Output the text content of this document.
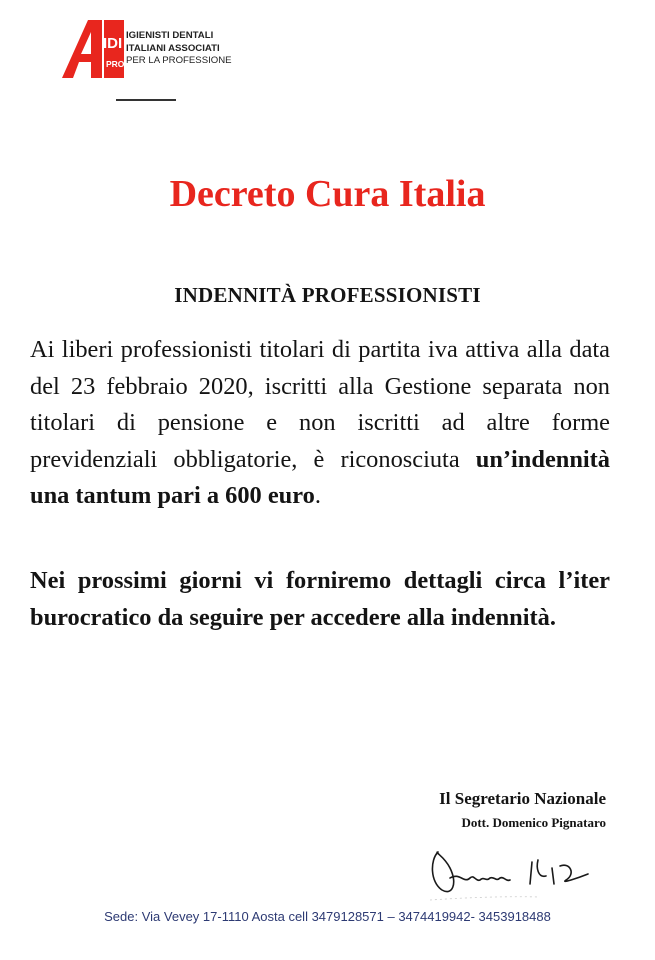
IDI
PRO
IGIENISTI DENTALI
ITALIANI ASSOCIATI
PER LA PROFESSIONE
Decreto Cura Italia
INDENNITÀ PROFESSIONISTI

Ai liberi professionisti titolari di partita iva attiva alla data del 23 febbraio 2020, iscritti alla Gestione separata non titolari di pensione e non iscritti ad altre forme previdenziali obbligatorie, è riconosciuta un’indennità una tantum pari a 600 euro.

Nei prossimi giorni vi forniremo dettagli circa l’iter burocratico da seguire per accedere alla indennità.

Il Segretario Nazionale

Dott. Domenico Pignataro

Sede: Via Vevey 17-1110 Aosta cell 3479128571 – 3474419942- 3453918488
